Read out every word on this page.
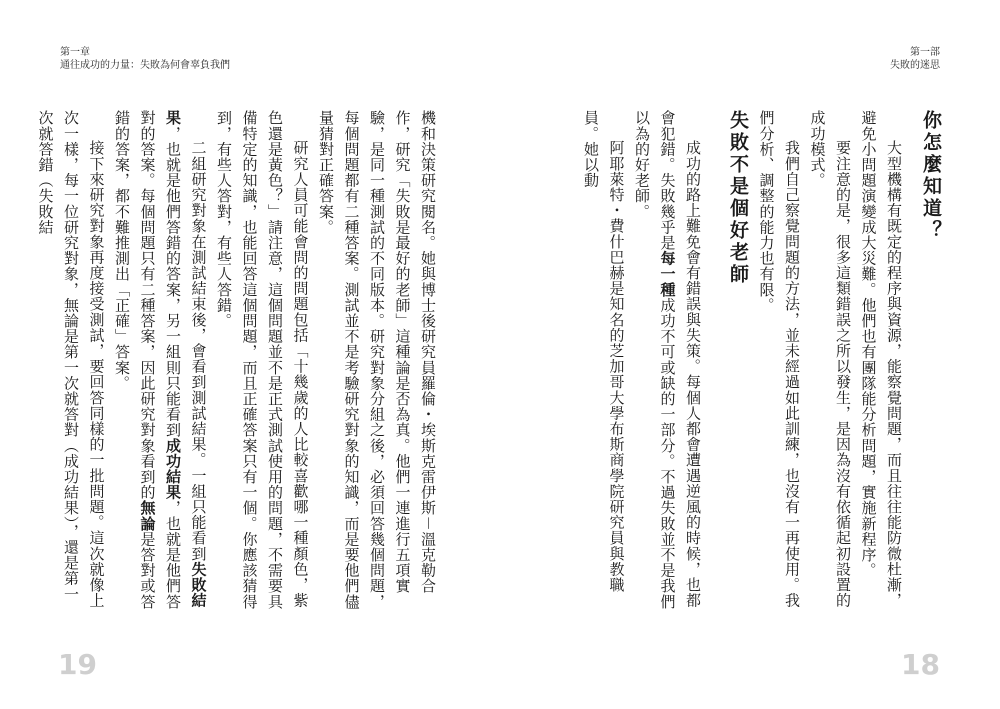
第一章
通往成功的力量：失敗為何會辜負我們
19
第一部
失敗的迷思
18
你怎麼知道？

大型機構有既定的程序與資源，能察覺問題，而且往往能防微杜漸，避免小問題演變成大災難。他們也有團隊能分析問題，實施新程序。

要注意的是，很多這類錯誤之所以發生，是因為沒有依循起初設置的成功模式。

我們自己察覺問題的方法，並未經過如此訓練，也沒有一再使用。我們分析、調整的能力也有限。

失敗不是個好老師

成功的路上難免會有錯誤與失策。每個人都會遭遇逆風的時候，也都會犯錯。失敗幾乎是每一種成功不可或缺的一部分。不過失敗並不是我們以為的好老師。

阿耶萊特・費什巴赫是知名的芝加哥大學布斯商學院研究員與教職員。她以動

機和決策研究閱名。她與博士後研究員羅倫・埃斯克雷伊斯－溫克勒合作，研究「失敗是最好的老師」這種論是否為真。他們一連進行五項實驗，是同一種測試的不同版本。研究對象分組之後，必須回答幾個問題，每個問題都有二種答案。測試並不是考驗研究對象的知識，而是要他們儘量猜對正確答案。

研究人員可能會問的問題包括「十幾歲的人比較喜歡哪一種顏色，紫色還是黃色？」請注意，這個問題並不是正式測試使用的問題，不需要具備特定的知識，也能回答這個問題，而且正確答案只有一個。你應該猜得到，有些人答對，有些人答錯。

二組研究對象在測試結束後，會看到測試結果。一組只能看到失敗結果，也就是他們答錯的答案，另一組則只能看到成功結果，也就是他們答對的答案。每個問題只有二種答案，因此研究對象看到的無論是答對或答錯的答案，都不難推測出「正確」答案。

接下來研究對象再度接受測試，要回答同樣的一批問題。這次就像上次一樣，每一位研究對象，無論是第一次就答對（成功結果），還是第一次就答錯（失敗結
